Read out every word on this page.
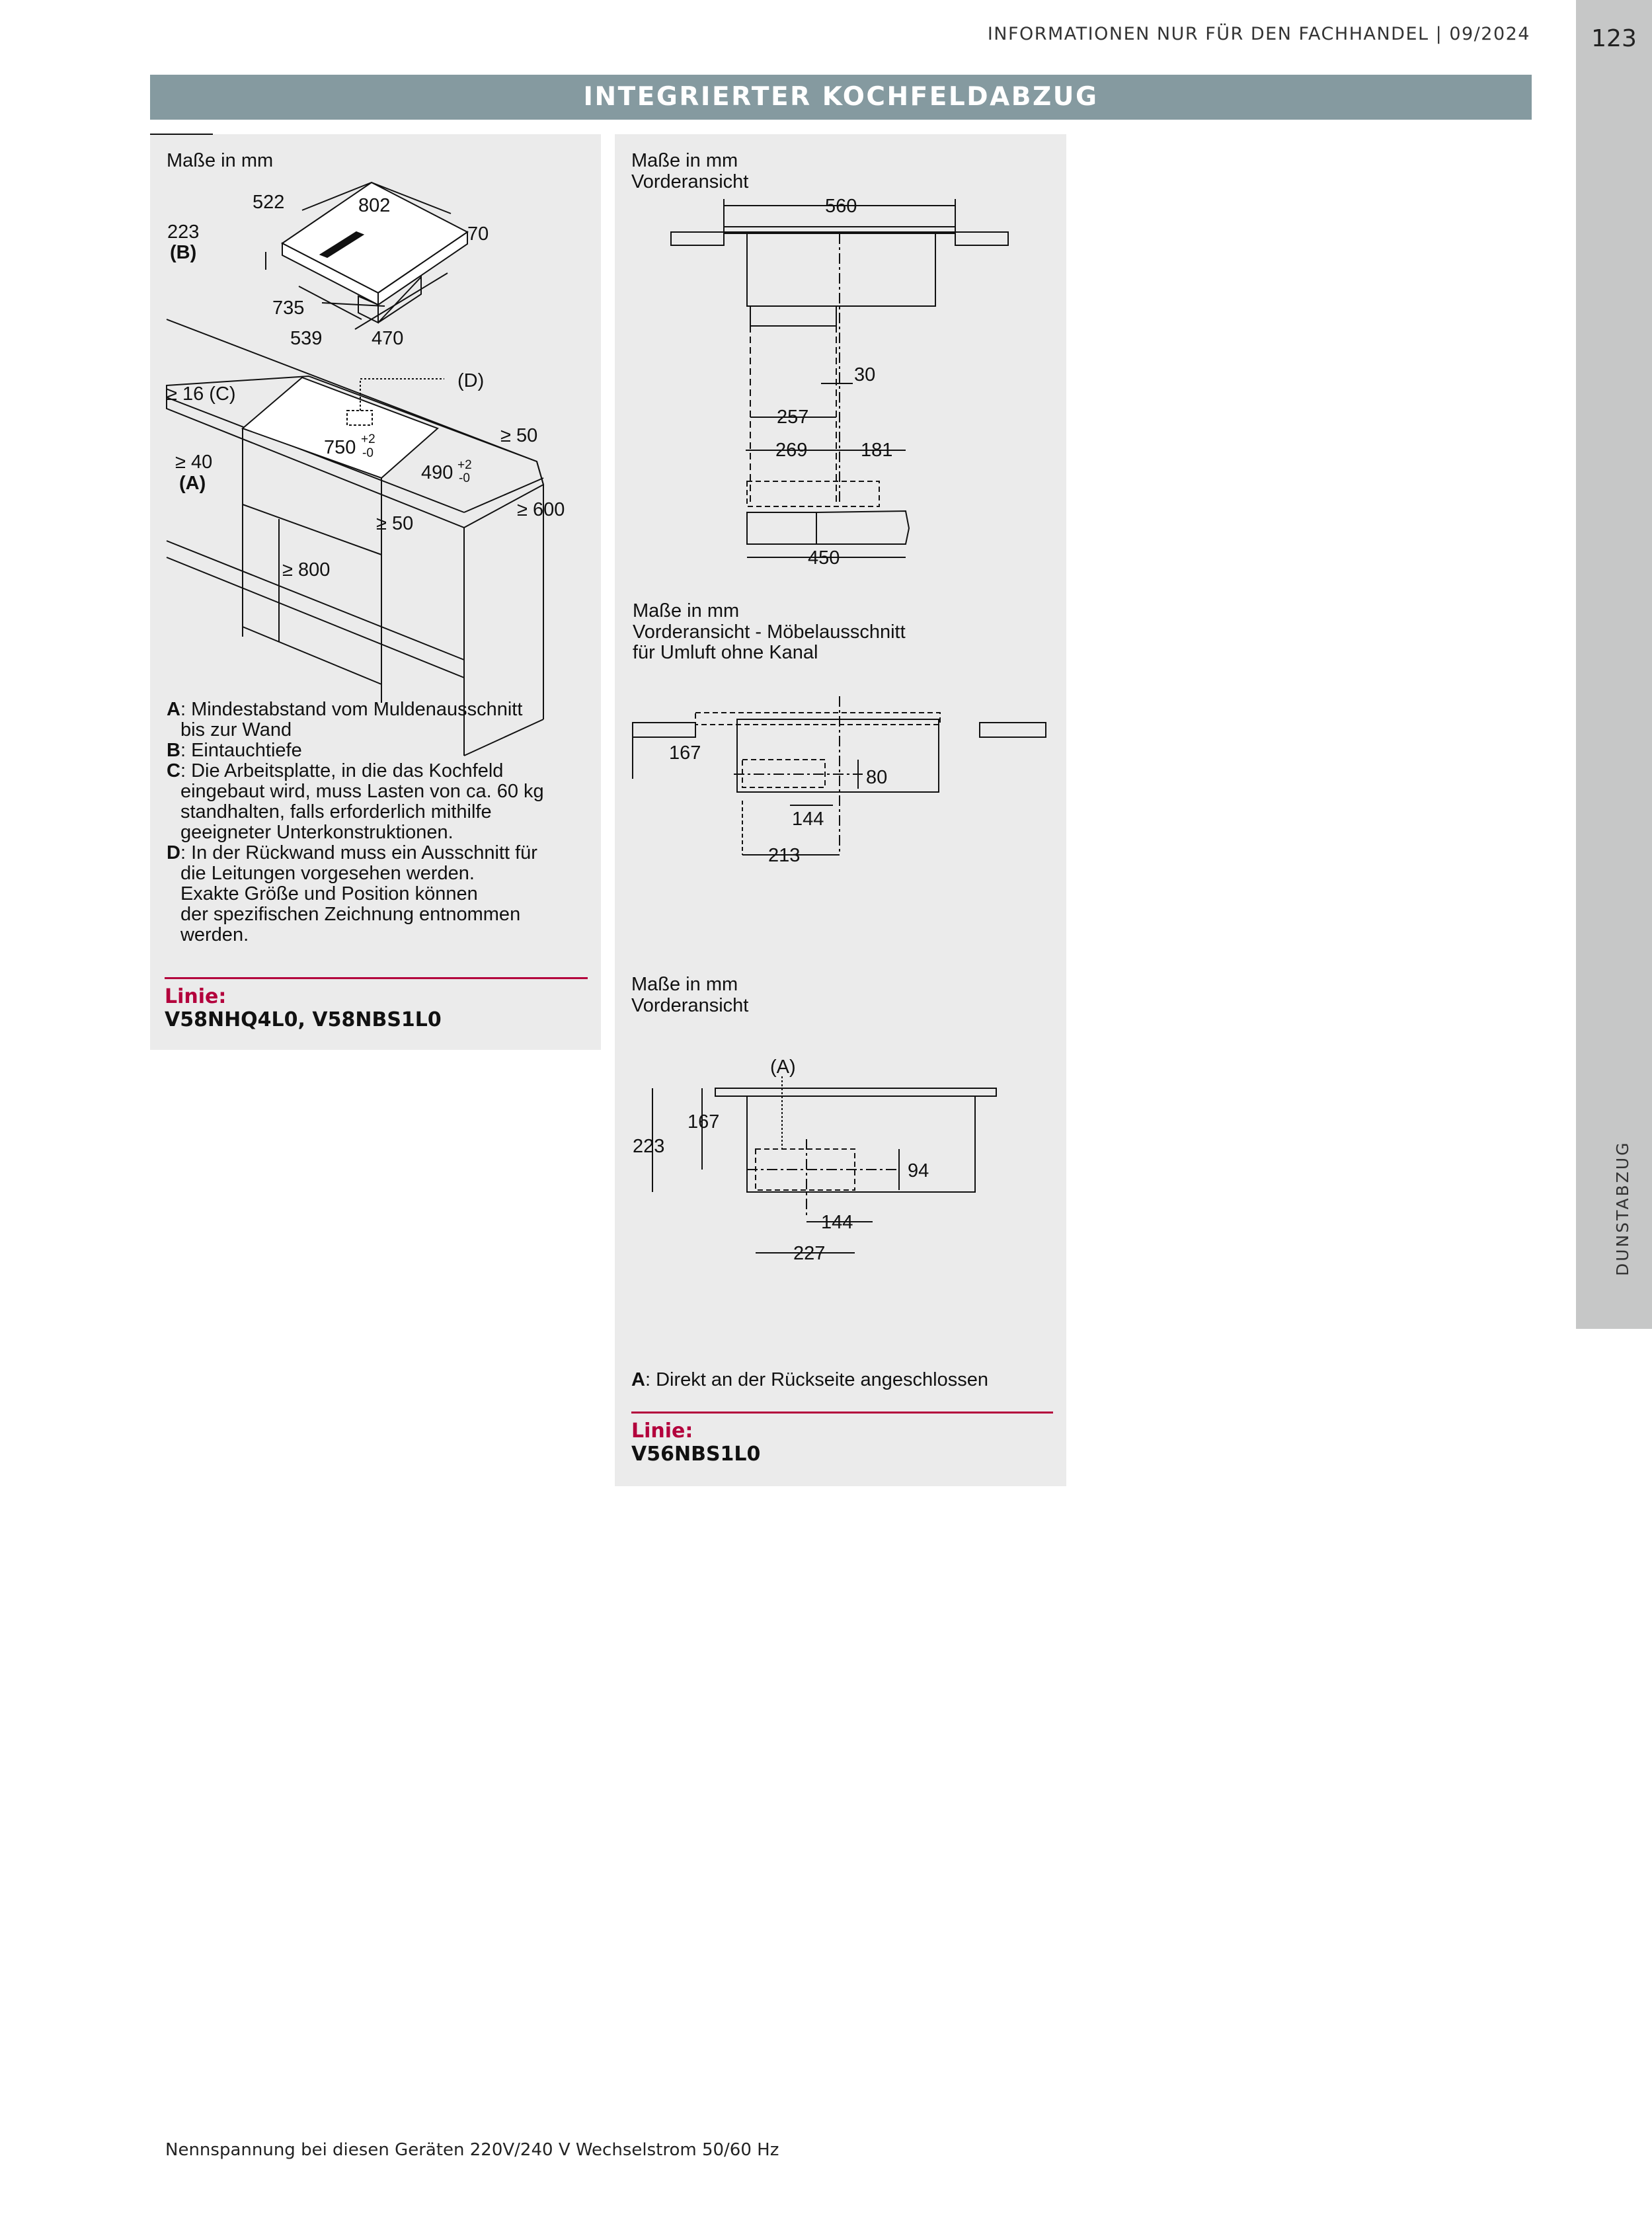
INFORMATIONEN NUR FÜR DEN FACHHANDEL | 09/2024	123
DUNSTABZUG
INTEGRIERTER KOCHFELDABZUG
Maße in mm
522	802
223
(B)
70
735
539	470
≥ 16 (C)
(D)
750 +2
-0
490 +2
-0
≥ 50
≥ 40
(A)
≥ 600
≥ 50
≥ 800
A : Mindestabstand vom Muldenausschnitt
bis zur Wand
B : Eintauchtiefe
C : Die Arbeitsplatte, in die das Kochfeld
eingebaut wird, muss Lasten von ca. 60 kg
standhalten, falls erforderlich mithilfe
geeigneter Unterkonstruktionen.
D : In der Rückwand muss ein Ausschnitt für
die Leitungen vorgesehen werden.
Exakte Größe und Position können
der spezifischen Zeichnung entnommen
werden.
Linie:
V58NHQ4L0, V58NBS1L0
Maße in mm
Vorderansicht
560
30
257
269	181
450
Maße in mm
Vorderansicht - Möbelausschnitt
für Umluft ohne Kanal
167
80
144
213
Maße in mm
Vorderansicht
(A)
167
223
94
144
227
A: Direkt an der Rückseite angeschlossen
Linie:
V56NBS1L0
Nennspannung bei diesen Geräten 220V/240 V Wechselstrom 50/60 Hz
